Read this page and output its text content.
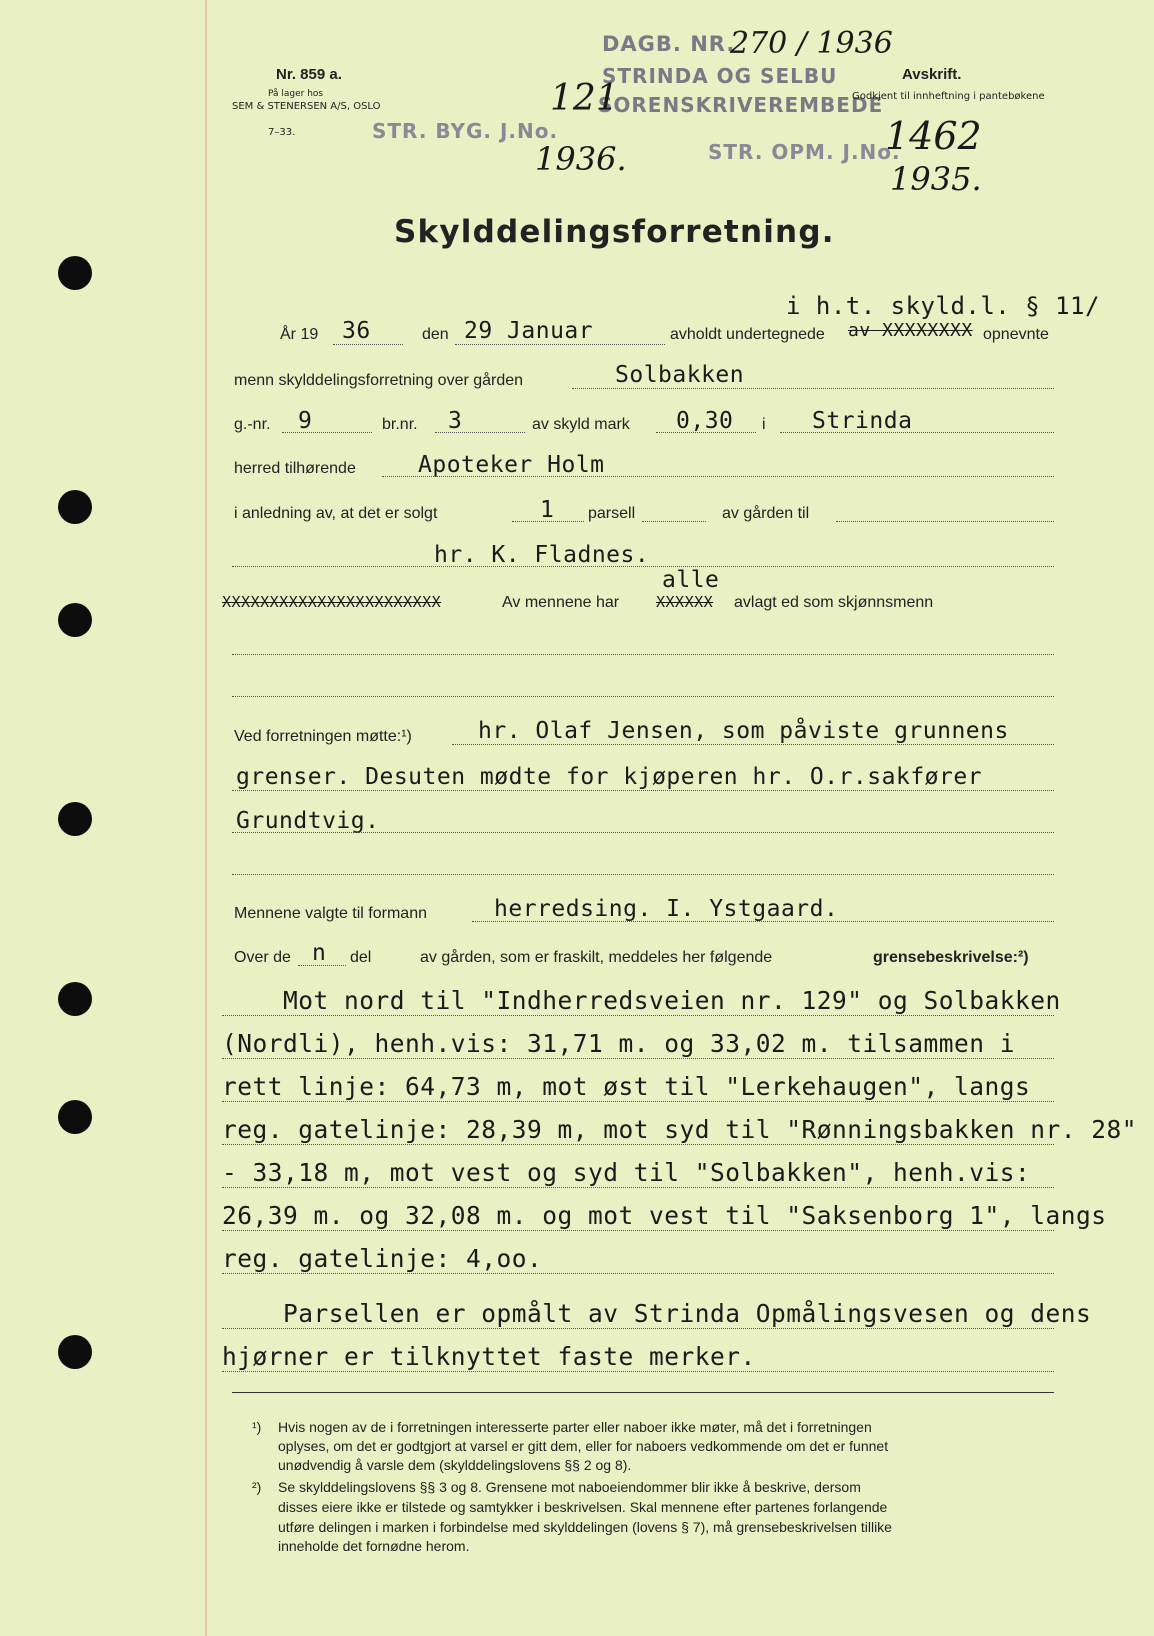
Nr. 859 a.
På lager hos
SEM & STENERSEN A/S, OSLO
7–33.
DAGB. NR.
270 / 1936
STRINDA OG SELBU
SORENSKRIVEREMBEDE
STR. BYG. J.No.
121
1936.	STR. OPM. J.No.
1462
1935.
Avskrift.
Godkjent til innheftning i pantebøkene
Skylddelingsforretning.
i h.t. skyld.l. § 11/
År 19 36	den 29 Januar	avholdt undertegnede av XXXXXXXX opnevnte
menn skylddelingsforretning over gården	Solbakken
g.-nr. 9	br.nr. 3	av skyld mark 0,30 i Strinda
herred tilhørende	Apoteker Holm
i anledning av, at det er solgt	1 parsell	av gården til
hr. K. Fladnes.
alle
XXXXXXXXXXXXXXXXXXXXXXX	Av mennene har XXXXXX avlagt ed som skjønnsmenn
Ved forretningen møtte:¹)	hr. Olaf Jensen, som påviste grunnens
grenser. Desuten mødte for kjøperen hr. O.r.sakfører
Grundtvig.
Mennene valgte til formann	herredsing. I. Ystgaard.
Over de n del	av gården, som er fraskilt, meddeles her følgende	grensebeskrivelse:²)
Mot nord til "Indherredsveien nr. 129" og Solbakken
(Nordli), henh.vis: 31,71 m. og 33,02 m. tilsammen i
rett linje: 64,73 m, mot øst til "Lerkehaugen", langs
reg. gatelinje: 28,39 m, mot syd til "Rønningsbakken nr. 28"
- 33,18 m, mot vest og syd til "Solbakken", henh.vis:
26,39 m. og 32,08 m. og mot vest til "Saksenborg 1", langs
reg. gatelinje: 4,oo.
Parsellen er opmålt av Strinda Opmålingsvesen og dens
hjørner er tilknyttet faste merker.
¹) Hvis nogen av de i forretningen interesserte parter eller naboer ikke møter, må det i forretningen
oplyses, om det er godtgjort at varsel er gitt dem, eller for naboers vedkommende om det er funnet
unødvendig å varsle dem (skylddelingslovens §§ 2 og 8).
²) Se skylddelingslovens §§ 3 og 8. Grensene mot naboeiendommer blir ikke å beskrive, dersom
disses eiere ikke er tilstede og samtykker i beskrivelsen. Skal mennene efter partenes forlangende
utføre delingen i marken i forbindelse med skylddelingen (lovens § 7), må grensebeskrivelsen tillike
inneholde det fornødne herom.
